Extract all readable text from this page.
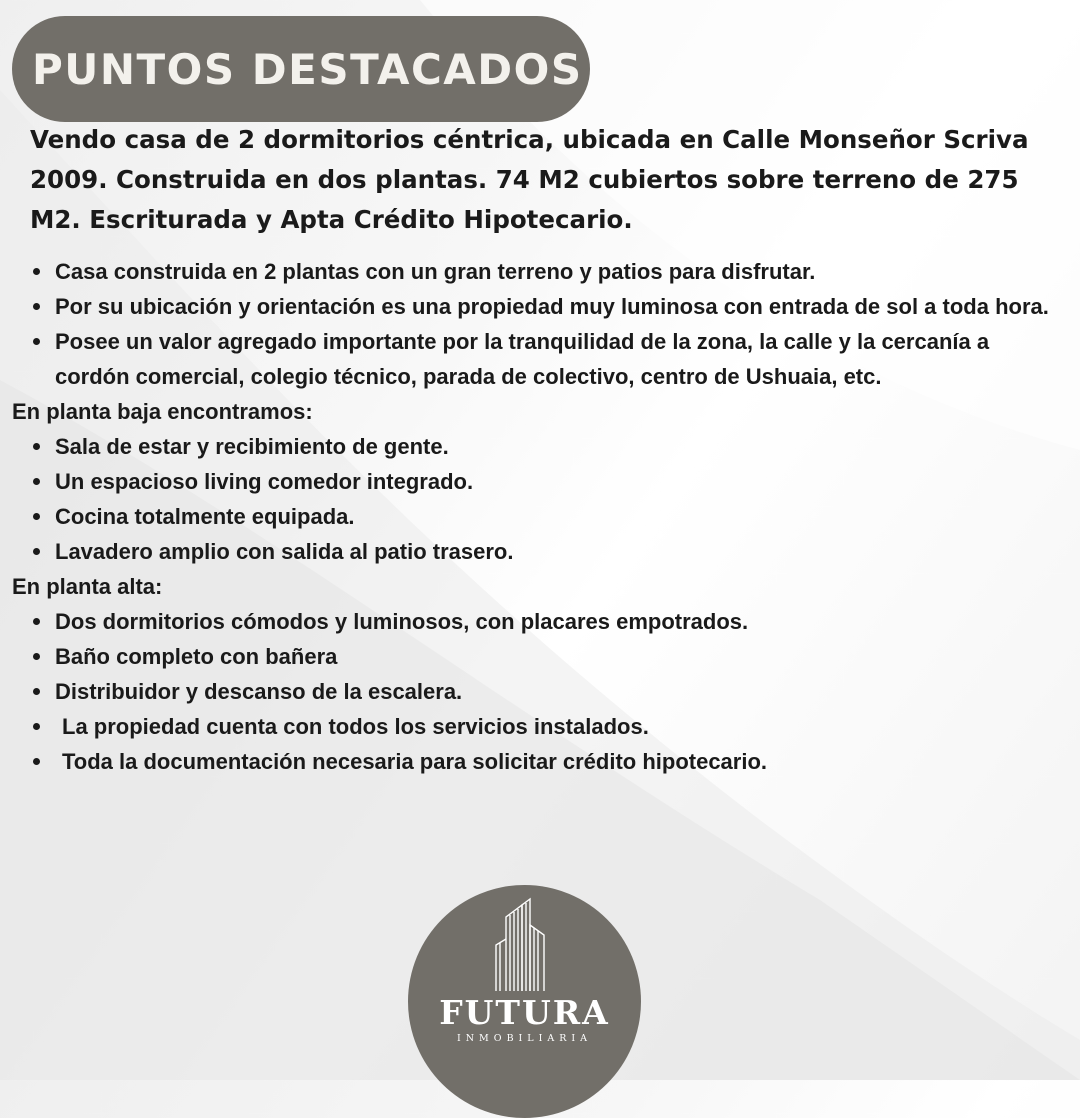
PUNTOS DESTACADOS
Vendo casa de 2 dormitorios céntrica, ubicada en Calle Monseñor Scriva 2009. Construida en dos plantas. 74 M2 cubiertos sobre terreno de 275 M2. Escriturada y Apta Crédito Hipotecario.
Casa construida en 2 plantas con un gran terreno y patios para disfrutar.
Por su ubicación y orientación es una propiedad muy luminosa con entrada de sol a toda hora.
Posee un valor agregado importante por la tranquilidad de la zona, la calle y la cercanía a cordón comercial, colegio técnico, parada de colectivo, centro de Ushuaia, etc.

En planta baja encontramos:

Sala de estar y recibimiento de gente.
Un espacioso living comedor integrado.
Cocina totalmente equipada.
Lavadero amplio con salida al patio trasero.

En planta alta:

Dos dormitorios cómodos y luminosos, con placares empotrados.
Baño completo con bañera
Distribuidor y descanso de la escalera.
La propiedad cuenta con todos los servicios instalados.
Toda la documentación necesaria para solicitar crédito hipotecario.
FUTURA
INMOBILIARIA
